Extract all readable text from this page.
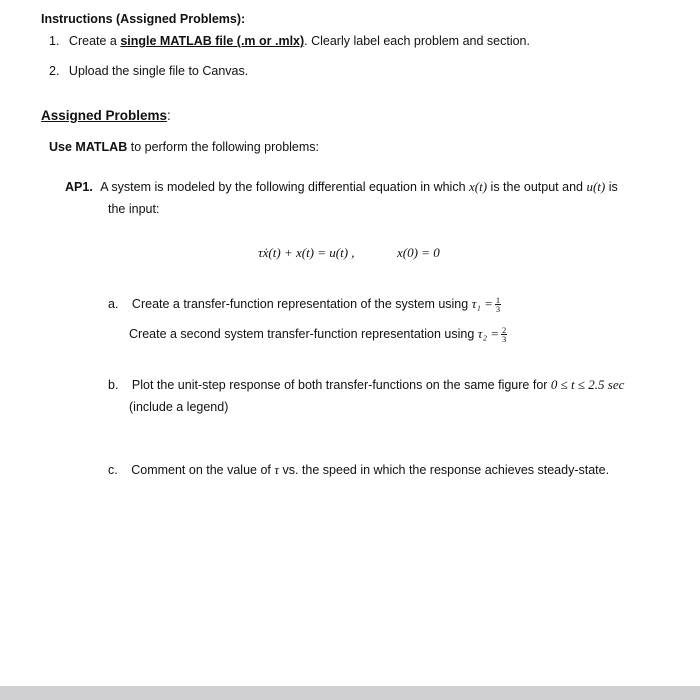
Instructions (Assigned Problems):
1. Create a single MATLAB file (.m or .mlx). Clearly label each problem and section.
2. Upload the single file to Canvas.
Assigned Problems:
Use MATLAB to perform the following problems:
AP1. A system is modeled by the following differential equation in which x(t) is the output and u(t) is
the input:
τẋ(t) + x(t) = u(t) ,	x(0) = 0
a. Create a transfer-function representation of the system using $\tau_1 = \frac{1}{3}$
Create a second system transfer-function representation using $\tau_2 = \frac{2}{3}$
b. Plot the unit-step response of both transfer-functions on the same figure for 0 ≤ t ≤ 2.5 sec
(include a legend)
c. Comment on the value of τ vs. the speed in which the response achieves steady-state.
